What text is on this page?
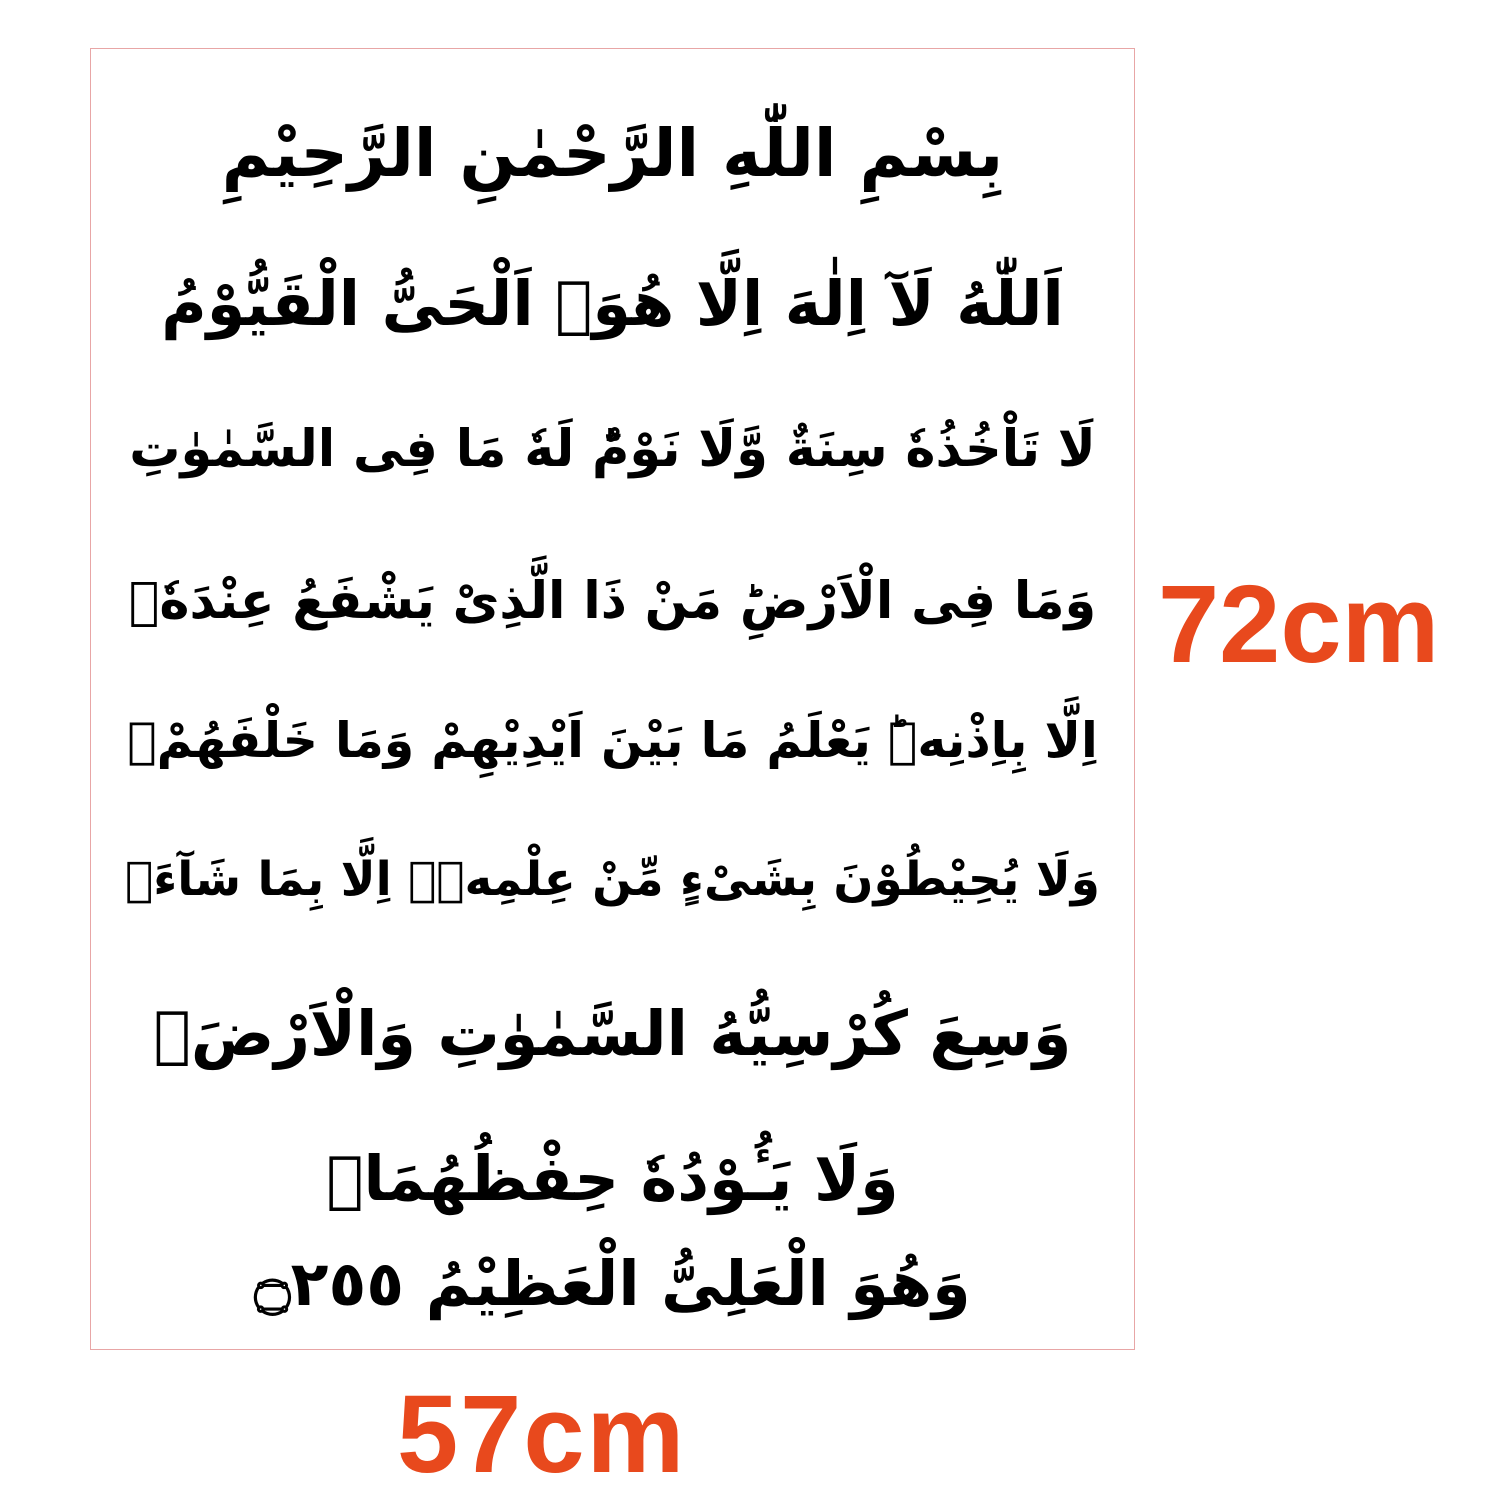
بِسْمِ اللّٰهِ الرَّحْمٰنِ الرَّحِيْمِ
اَللّٰهُ لَآ اِلٰهَ اِلَّا هُوَۚ اَلْحَیُّ الْقَیُّوْمُ
لَا تَاْخُذُهٗ سِنَةٌ وَّلَا نَوْمٌؕ لَهٗ مَا فِی السَّمٰوٰتِ
وَمَا فِی الْاَرْضِؕ مَنْ ذَا الَّذِیْ یَشْفَعُ عِنْدَهٗۤ
اِلَّا بِاِذْنِهٖؕ یَعْلَمُ مَا بَیْنَ اَیْدِیْهِمْ وَمَا خَلْفَهُمْۚ
وَلَا یُحِیْطُوْنَ بِشَیْءٍ مِّنْ عِلْمِهٖۤ اِلَّا بِمَا شَآءَۚ
وَسِعَ كُرْسِیُّهُ السَّمٰوٰتِ وَالْاَرْضَۚ
وَلَا یَـُٔوْدُهٗ حِفْظُهُمَاۚ
وَهُوَ الْعَلِیُّ الْعَظِیْمُ ۝٢٥٥
72cm
57cm
